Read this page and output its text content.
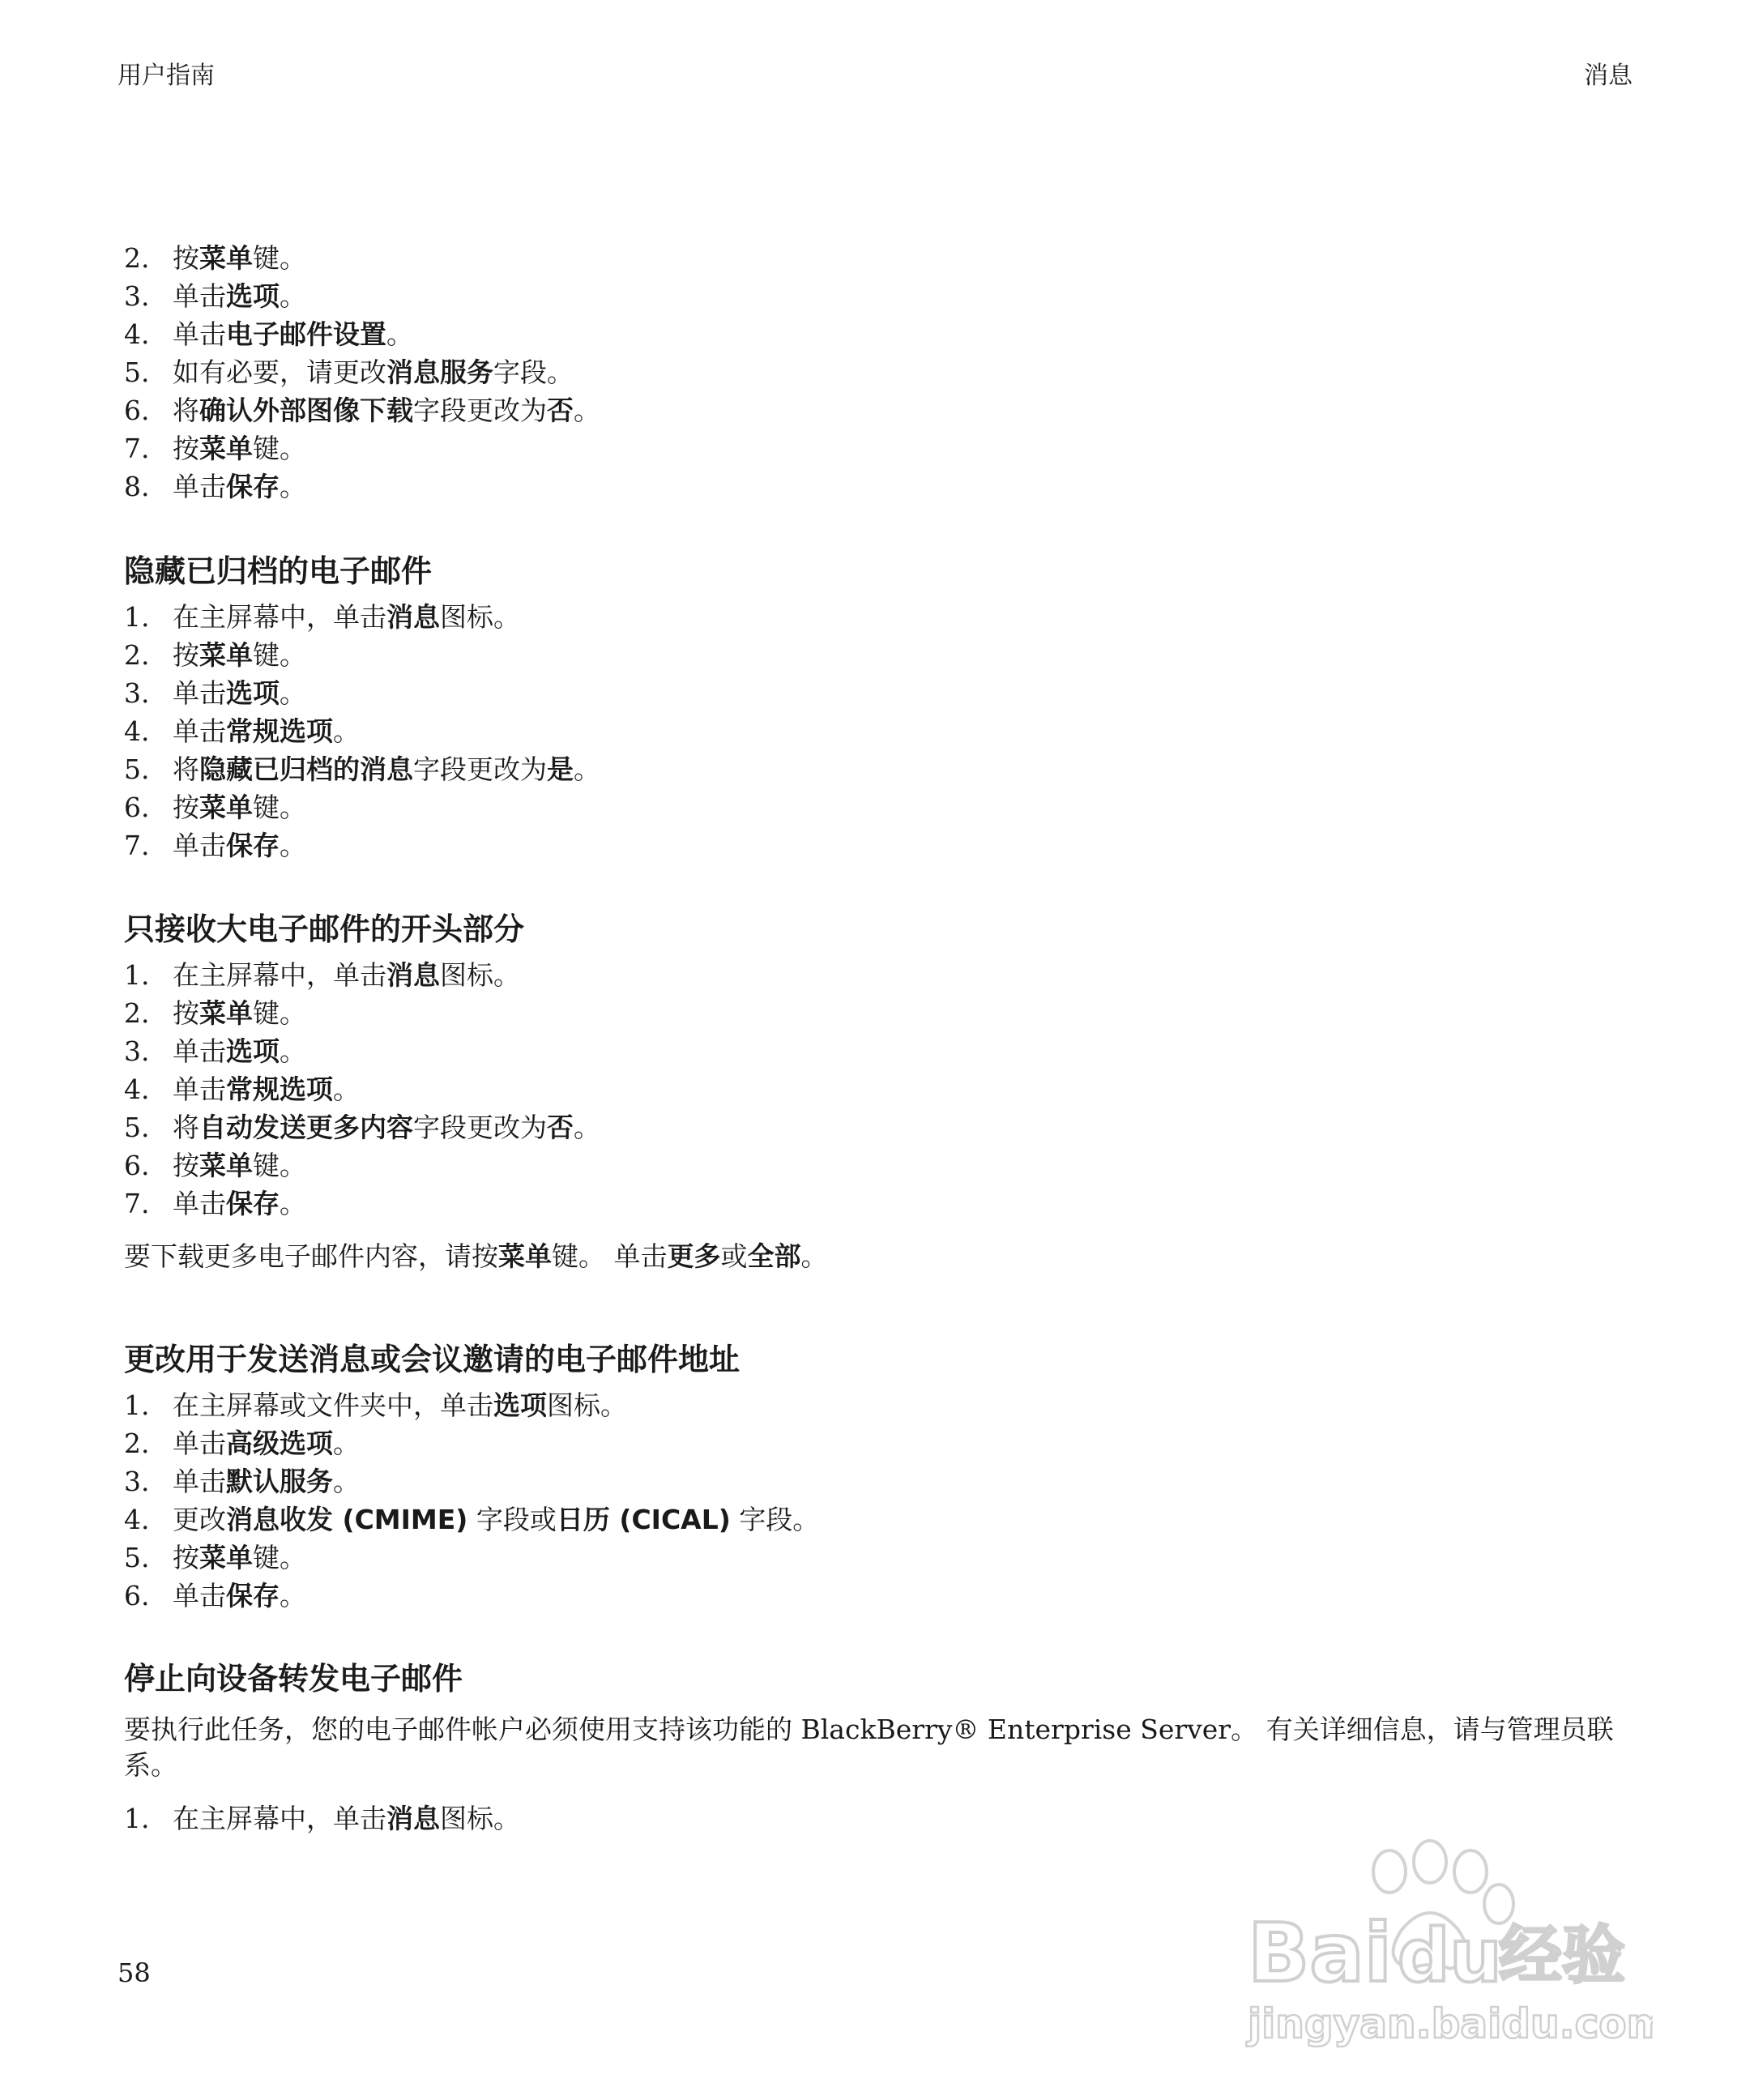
用户指南	消息
2. 按菜单键。
3. 单击选项。
4. 单击电子邮件设置。
5. 如有必要，请更改消息服务字段。
6. 将确认外部图像下载字段更改为否。
7. 按菜单键。
8. 单击保存。
隐藏已归档的电子邮件
1. 在主屏幕中，单击消息图标。
2. 按菜单键。
3. 单击选项。
4. 单击常规选项。
5. 将隐藏已归档的消息字段更改为是。
6. 按菜单键。
7. 单击保存。
只接收大电子邮件的开头部分
1. 在主屏幕中，单击消息图标。
2. 按菜单键。
3. 单击选项。
4. 单击常规选项。
5. 将自动发送更多内容字段更改为否。
6. 按菜单键。
7. 单击保存。

要下载更多电子邮件内容，请按菜单键。 单击更多或全部。

更改用于发送消息或会议邀请的电子邮件地址
1. 在主屏幕或文件夹中，单击选项图标。
2. 单击高级选项。
3. 单击默认服务。
4. 更改消息收发 (CMIME) 字段或日历 (CICAL) 字段。
5. 按菜单键。
6. 单击保存。
停止向设备转发电子邮件

要执行此任务，您的电子邮件帐户必须使用支持该功能的 BlackBerry® Enterprise Server。 有关详细信息，请与管理员联系。

1. 在主屏幕中，单击消息图标。
58	Bai du
经验
jingyan.baidu.com
